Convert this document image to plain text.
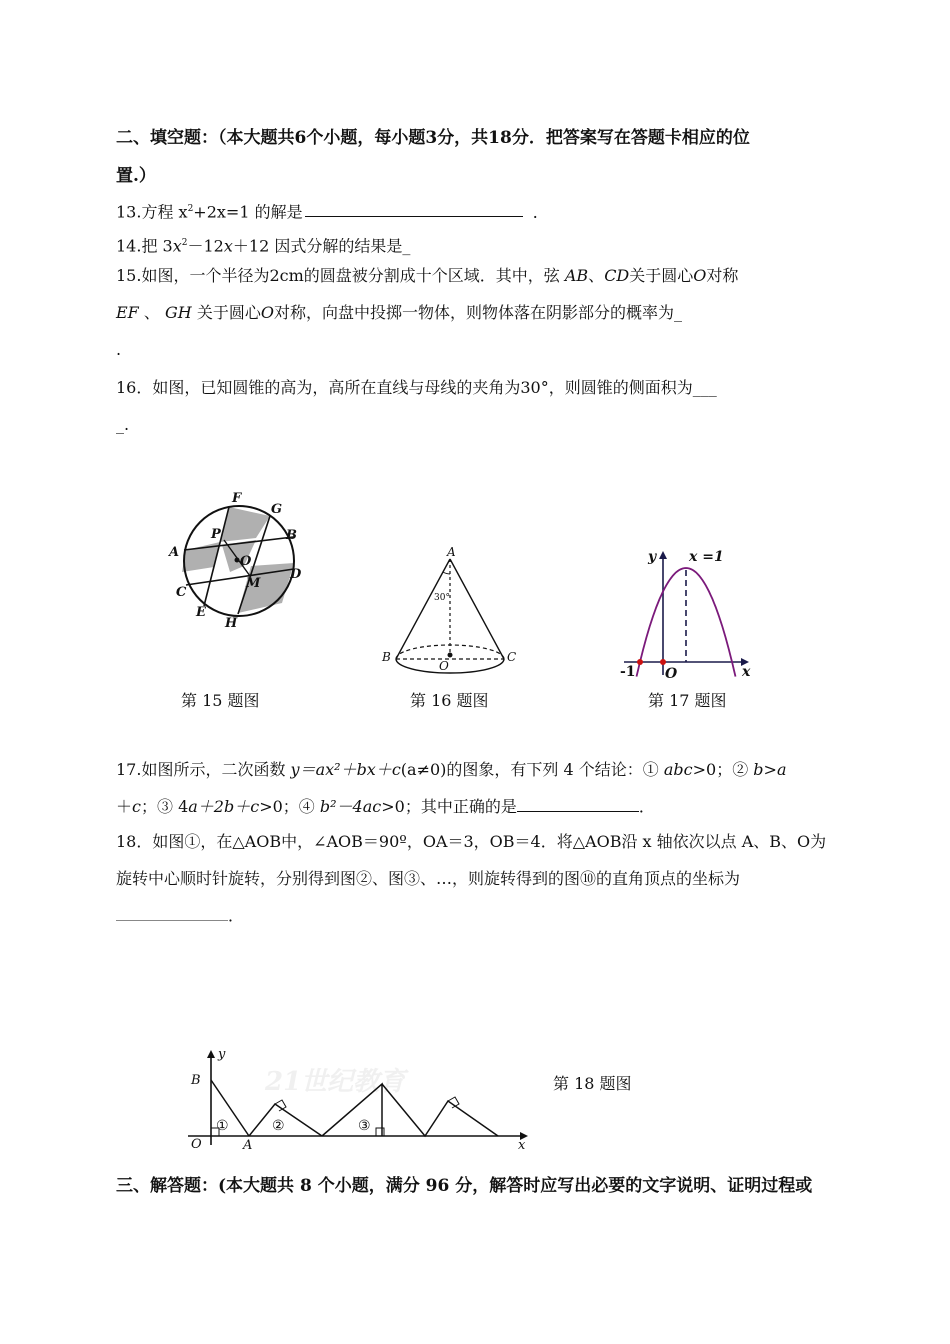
二、填空题：（本大题共6个小题，每小题3分，共18分．把答案写在答题卡相应的位
置.）
13.方程 $x^2+2x=1$ 的解是	．
14.把 $3x^2-12x+12$ 因式分解的结果是_
15.如图，一个半径为2cm的圆盘被分割成十个区域．其中，弦 AB、CD关于圆心O对称
EF 、 GH 关于圆心O对称，向盘中投掷一物体，则物体落在阴影部分的概率为_
.
16．如图，已知圆锥的高为，高所在直线与母线的夹角为30°，则圆锥的侧面积为___
_.
F
G
P	B
A
O
M
D
C
E
H
第 15 题图
A
30°
B
O
C
第 16 题图
y x =1
-1 O	x
第 17 题图
17.如图所示，二次函数 y＝ax²＋bx＋c(a≠0)的图象，有下列 4 个结论：① abc>0；② b>a
＋c；③ 4a＋2b＋c>0；④ b²－4ac>0；其中正确的是	．
18．如图①，在△AOB中，∠AOB＝90º，OA＝3，OB＝4．将△AOB沿 x 轴依次以点 A、B、O为
旋转中心顺时针旋转，分别得到图②、图③、…，则旋转得到的图⑩的直角顶点的坐标为
．
21世纪教育
y
B
O	A	x
①	②	③
第 18 题图
三、解答题：(本大题共 8 个小题，满分 96 分，解答时应写出必要的文字说明、证明过程或
